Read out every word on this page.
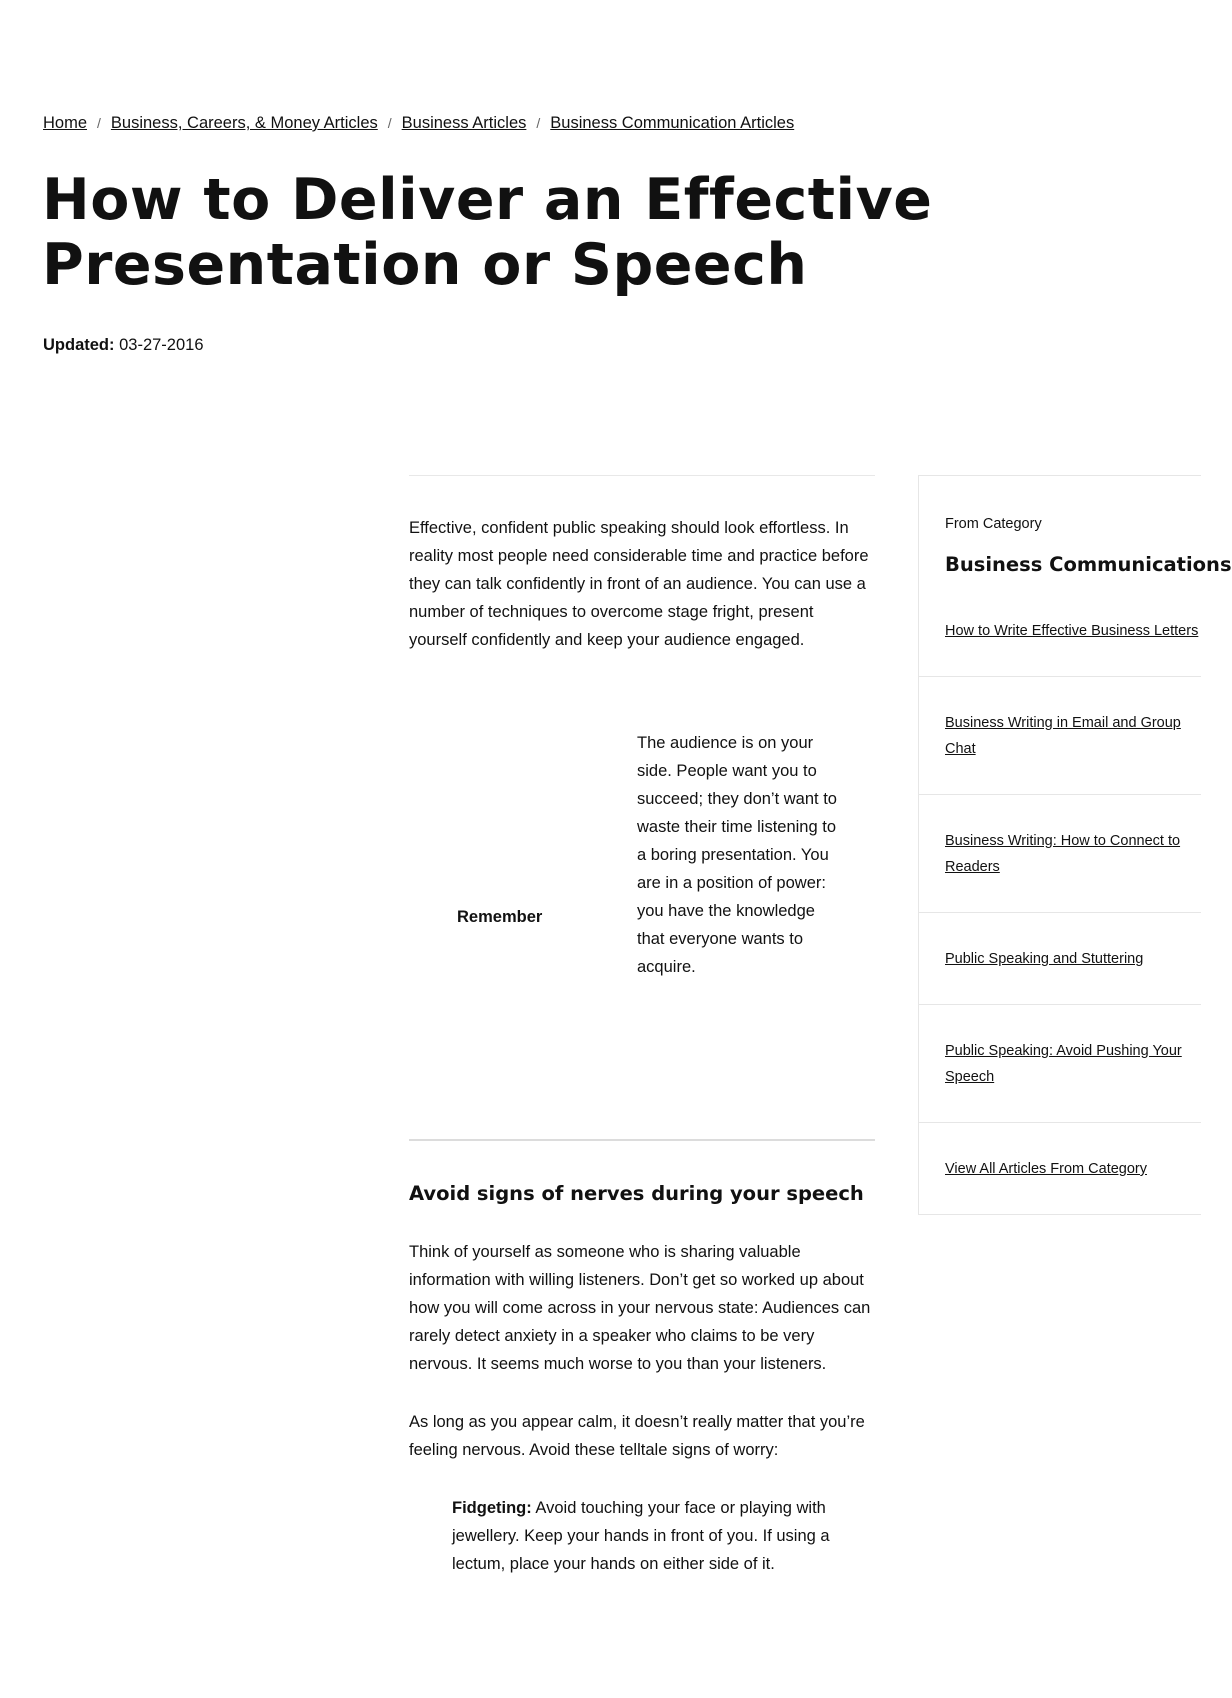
Home / Business, Careers, & Money Articles / Business Articles / Business Communication Articles
How to Deliver an Effective
Presentation or Speech
Updated: 03-27-2016

Effective, confident public speaking should look effortless. In reality most people need considerable time and practice before they can talk confidently in front of an audience. You can use a number of techniques to overcome stage fright, present yourself confidently and keep your audience engaged.

Remember
The audience is on your side. People want you to succeed; they don’t want to waste their time listening to a boring presentation. You are in a position of power: you have the knowledge that everyone wants to acquire.
Avoid signs of nerves during your speech

Think of yourself as someone who is sharing valuable information with willing listeners. Don’t get so worked up about how you will come across in your nervous state: Audiences can rarely detect anxiety in a speaker who claims to be very nervous. It seems much worse to you than your listeners.

As long as you appear calm, it doesn’t really matter that you’re feeling nervous. Avoid these telltale signs of worry:

Fidgeting: Avoid touching your face or playing with jewellery. Keep your hands in front of you. If using a lectum, place your hands on either side of it.

From Category
Business Communications
How to Write Effective Business Letters
Business Writing in Email and Group
Chat
Business Writing: How to Connect to
Readers
Public Speaking and Stuttering
Public Speaking: Avoid Pushing Your
Speech
View All Articles From Category
